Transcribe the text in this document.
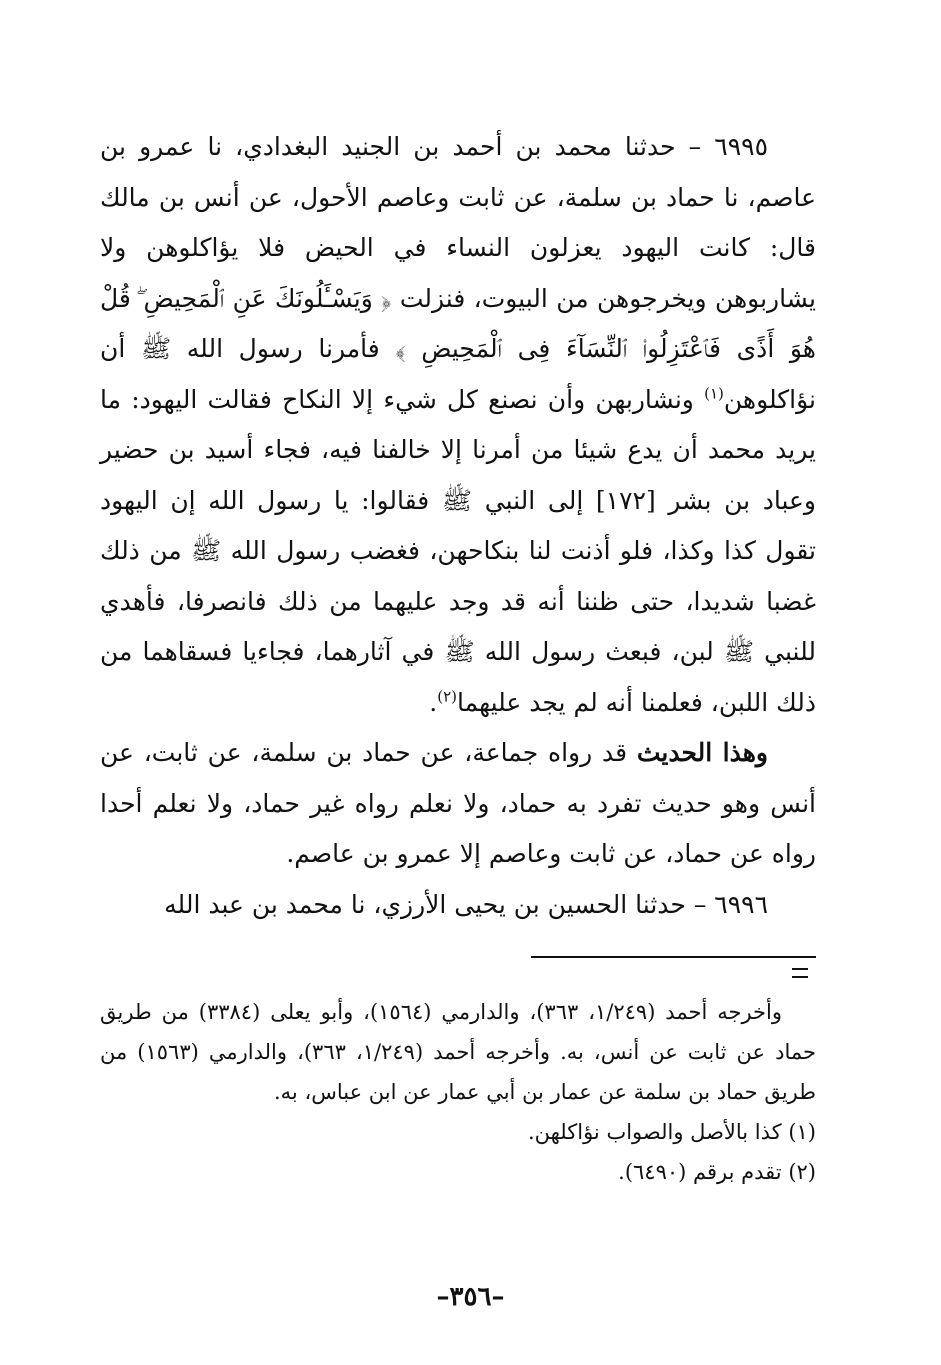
٦٩٩٥ – حدثنا محمد بن أحمد بن الجنيد البغدادي، نا عمرو بن عاصم، نا حماد بن سلمة، عن ثابت وعاصم الأحول، عن أنس بن مالك قال: كانت اليهود يعزلون النساء في الحيض فلا يؤاكلوهن ولا يشاربوهن ويخرجوهن من البيوت، فنزلت ﴿ وَيَسْـَٔلُونَكَ عَنِ ٱلْمَحِيضِ ۖ قُلْ هُوَ أَذًى فَٱعْتَزِلُوا۟ ٱلنِّسَآءَ فِى ٱلْمَحِيضِ ﴾ فأمرنا رسول الله ﷺ أن نؤاكلوهن$^{(١)}$ ونشاربهن وأن نصنع كل شيء إلا النكاح فقالت اليهود: ما يريد محمد أن يدع شيئا من أمرنا إلا خالفنا فيه، فجاء أسيد بن حضير وعباد بن بشر [١٧٢] إلى النبي ﷺ فقالوا: يا رسول الله إن اليهود تقول كذا وكذا، فلو أذنت لنا بنكاحهن، فغضب رسول الله ﷺ من ذلك غضبا شديدا، حتى ظننا أنه قد وجد عليهما من ذلك فانصرفا، فأهدي للنبي ﷺ لبن، فبعث رسول الله ﷺ في آثارهما، فجاءيا فسقاهما من ذلك اللبن، فعلمنا أنه لم يجد عليهما$^{(٢)}$.

وهذا الحديث قد رواه جماعة، عن حماد بن سلمة، عن ثابت، عن أنس وهو حديث تفرد به حماد، ولا نعلم رواه غير حماد، ولا نعلم أحدا رواه عن حماد، عن ثابت وعاصم إلا عمرو بن عاصم.

٦٩٩٦ – حدثنا الحسين بن يحيى الأرزي، نا محمد بن عبد الله

وأخرجه أحمد (١/٢٤٩، ٣٦٣)، والدارمي (١٥٦٤)، وأبو يعلى (٣٣٨٤) من طريق حماد عن ثابت عن أنس، به. وأخرجه أحمد (١/٢٤٩، ٣٦٣)، والدارمي (١٥٦٣) من طريق حماد بن سلمة عن عمار بن أبي عمار عن ابن عباس، به.

(١) كذا بالأصل والصواب نؤاكلهن.

(٢) تقدم برقم (٦٤٩٠).

–٣٥٦–
